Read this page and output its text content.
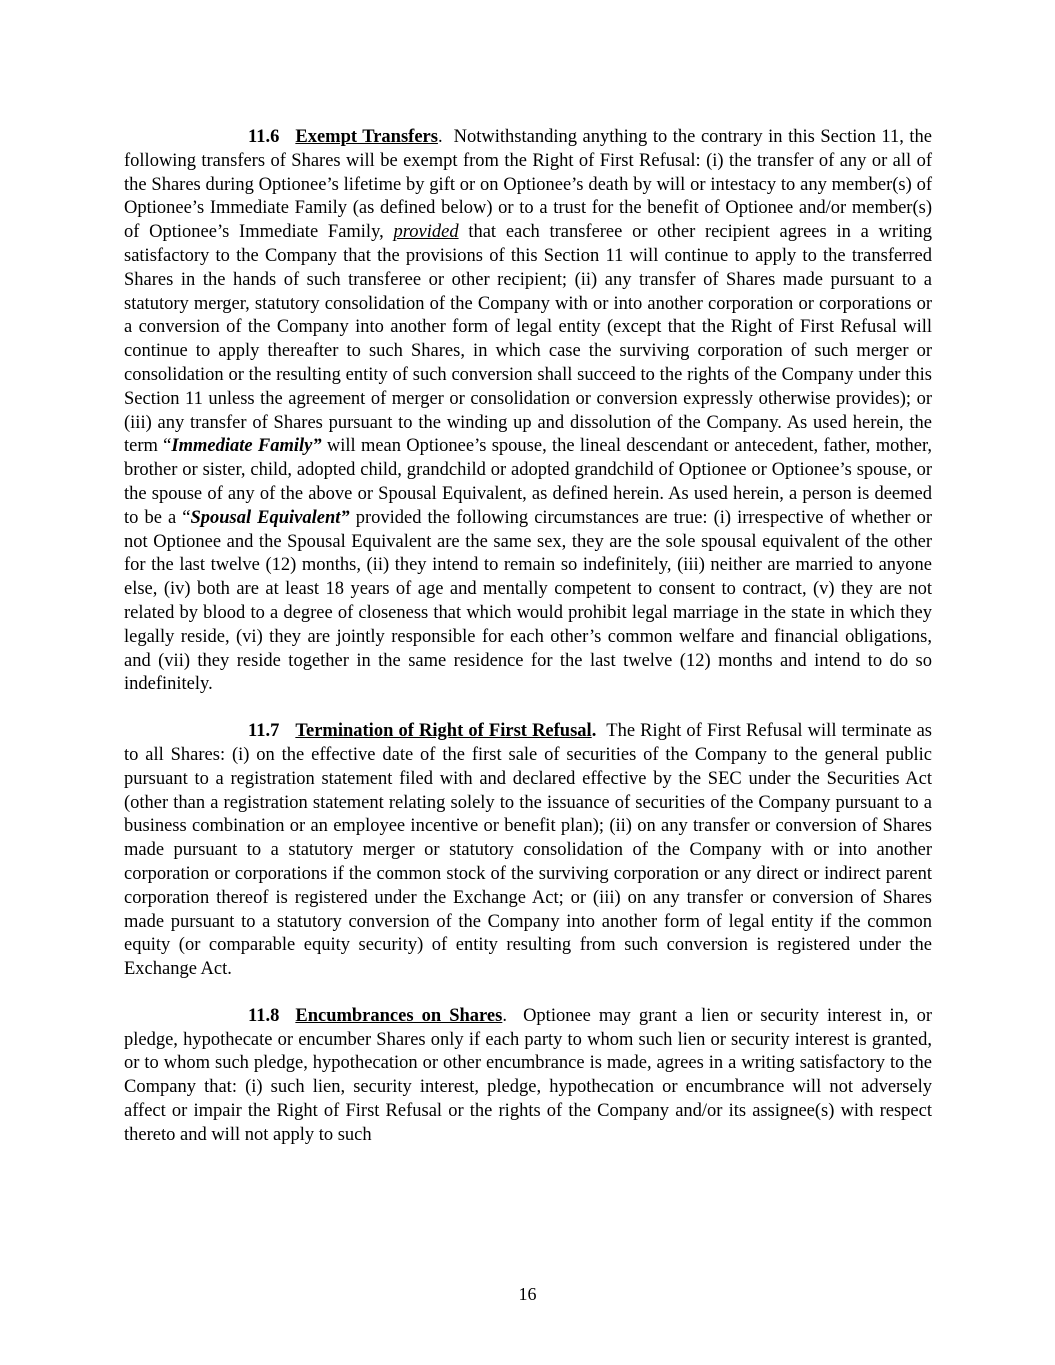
11.6 Exempt Transfers. Notwithstanding anything to the contrary in this Section 11, the following transfers of Shares will be exempt from the Right of First Refusal: (i) the transfer of any or all of the Shares during Optionee’s lifetime by gift or on Optionee’s death by will or intestacy to any member(s) of Optionee’s Immediate Family (as defined below) or to a trust for the benefit of Optionee and/or member(s) of Optionee’s Immediate Family, provided that each transferee or other recipient agrees in a writing satisfactory to the Company that the provisions of this Section 11 will continue to apply to the transferred Shares in the hands of such transferee or other recipient; (ii) any transfer of Shares made pursuant to a statutory merger, statutory consolidation of the Company with or into another corporation or corporations or a conversion of the Company into another form of legal entity (except that the Right of First Refusal will continue to apply thereafter to such Shares, in which case the surviving corporation of such merger or consolidation or the resulting entity of such conversion shall succeed to the rights of the Company under this Section 11 unless the agreement of merger or consolidation or conversion expressly otherwise provides); or (iii) any transfer of Shares pursuant to the winding up and dissolution of the Company. As used herein, the term “Immediate Family” will mean Optionee’s spouse, the lineal descendant or antecedent, father, mother, brother or sister, child, adopted child, grandchild or adopted grandchild of Optionee or Optionee’s spouse, or the spouse of any of the above or Spousal Equivalent, as defined herein. As used herein, a person is deemed to be a “Spousal Equivalent” provided the following circumstances are true: (i) irrespective of whether or not Optionee and the Spousal Equivalent are the same sex, they are the sole spousal equivalent of the other for the last twelve (12) months, (ii) they intend to remain so indefinitely, (iii) neither are married to anyone else, (iv) both are at least 18 years of age and mentally competent to consent to contract, (v) they are not related by blood to a degree of closeness that which would prohibit legal marriage in the state in which they legally reside, (vi) they are jointly responsible for each other’s common welfare and financial obligations, and (vii) they reside together in the same residence for the last twelve (12) months and intend to do so indefinitely.

11.7 Termination of Right of First Refusal. The Right of First Refusal will terminate as to all Shares: (i) on the effective date of the first sale of securities of the Company to the general public pursuant to a registration statement filed with and declared effective by the SEC under the Securities Act (other than a registration statement relating solely to the issuance of securities of the Company pursuant to a business combination or an employee incentive or benefit plan); (ii) on any transfer or conversion of Shares made pursuant to a statutory merger or statutory consolidation of the Company with or into another corporation or corporations if the common stock of the surviving corporation or any direct or indirect parent corporation thereof is registered under the Exchange Act; or (iii) on any transfer or conversion of Shares made pursuant to a statutory conversion of the Company into another form of legal entity if the common equity (or comparable equity security) of entity resulting from such conversion is registered under the Exchange Act.

11.8 Encumbrances on Shares. Optionee may grant a lien or security interest in, or pledge, hypothecate or encumber Shares only if each party to whom such lien or security interest is granted, or to whom such pledge, hypothecation or other encumbrance is made, agrees in a writing satisfactory to the Company that: (i) such lien, security interest, pledge, hypothecation or encumbrance will not adversely affect or impair the Right of First Refusal or the rights of the Company and/or its assignee(s) with respect thereto and will not apply to such

16
